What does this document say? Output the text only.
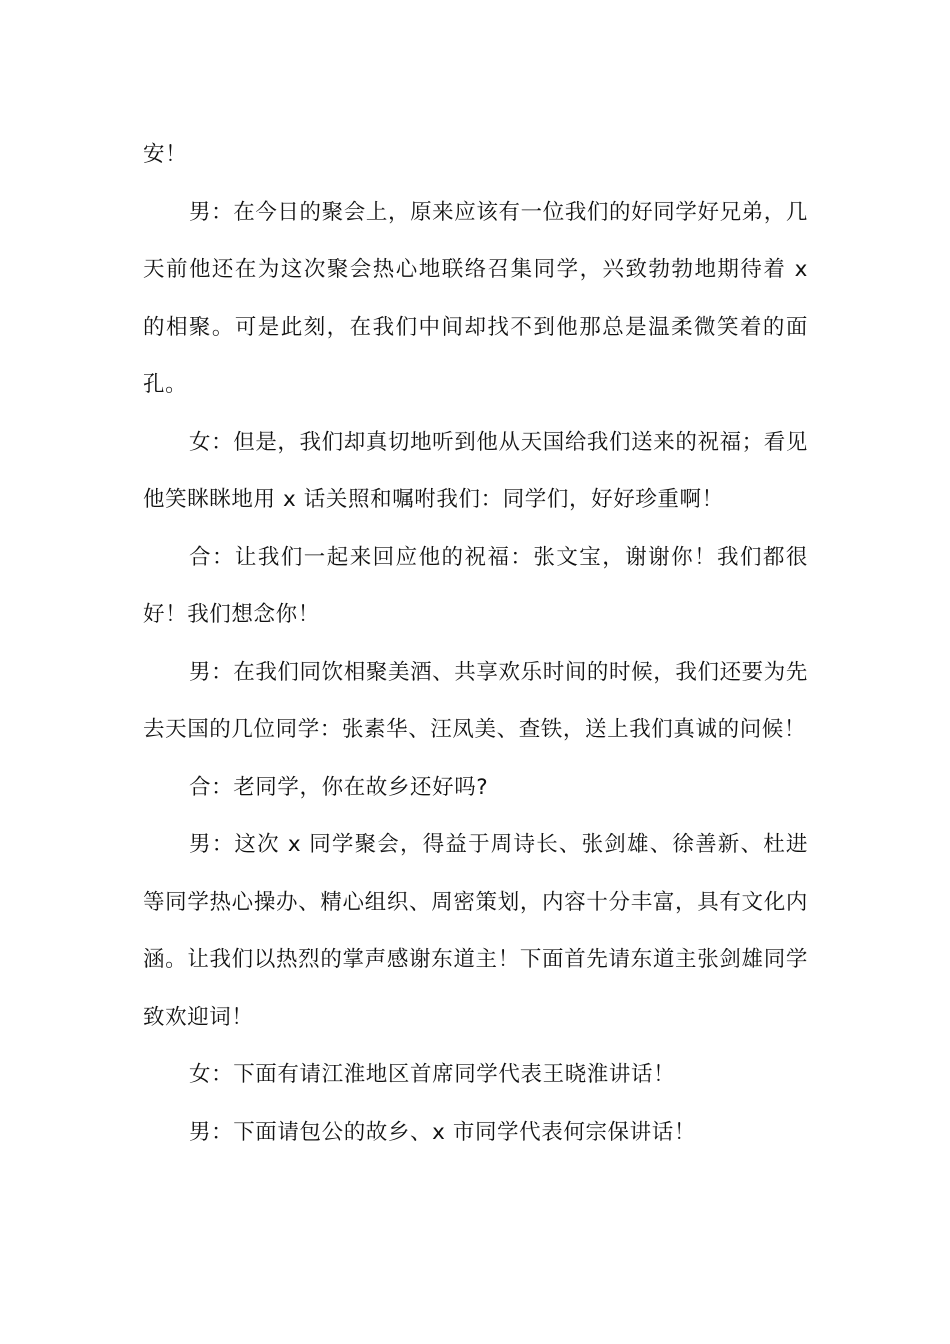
安！

男：在今日的聚会上，原来应该有一位我们的好同学好兄弟，几天前他还在为这次聚会热心地联络召集同学，兴致勃勃地期待着 x 的相聚。可是此刻，在我们中间却找不到他那总是温柔微笑着的面孔。

女：但是，我们却真切地听到他从天国给我们送来的祝福；看见他笑眯眯地用 x 话关照和嘱咐我们：同学们，好好珍重啊！

合：让我们一起来回应他的祝福：张文宝，谢谢你！我们都很好！我们想念你！

男：在我们同饮相聚美酒、共享欢乐时间的时候，我们还要为先去天国的几位同学：张素华、汪凤美、查铁，送上我们真诚的问候！

合：老同学，你在故乡还好吗?

男：这次 x 同学聚会，得益于周诗长、张剑雄、徐善新、杜进等同学热心操办、精心组织、周密策划，内容十分丰富，具有文化内涵。让我们以热烈的掌声感谢东道主！下面首先请东道主张剑雄同学致欢迎词！

女：下面有请江淮地区首席同学代表王晓淮讲话！

男：下面请包公的故乡、x 市同学代表何宗保讲话！
